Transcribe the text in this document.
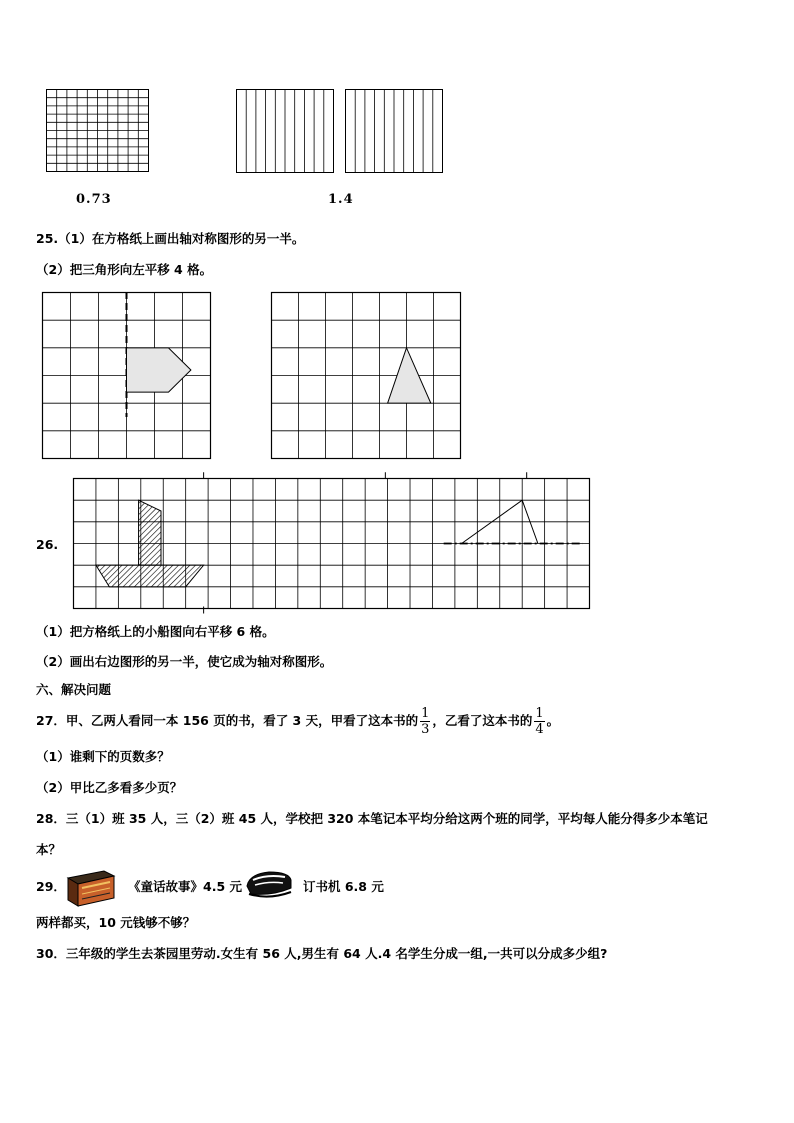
0.73	1.4
25.（1）在方格纸上画出轴对称图形的另一半。
（2）把三角形向左平移 4 格。
26.
（1）把方格纸上的小船图向右平移 6 格。
（2）画出右边图形的另一半，使它成为轴对称图形。
六、解决问题
27．甲、乙两人看同一本 156 页的书，看了 3 天，甲看了这本书的 $\frac{1}{3}$ ，乙看了这本书的 $\frac{1}{4}$ 。
（1）谁剩下的页数多？
（2）甲比乙多看多少页？
28．三（1）班 35 人，三（2）班 45 人，学校把 320 本笔记本平均分给这两个班的同学，平均每人能分得多少本笔记
本？
29．	《童话故事》4.5 元	订书机 6.8 元
两样都买，10 元钱够不够？
30．三年级的学生去茶园里劳动.女生有 56 人,男生有 64 人.4 名学生分成一组,一共可以分成多少组?
